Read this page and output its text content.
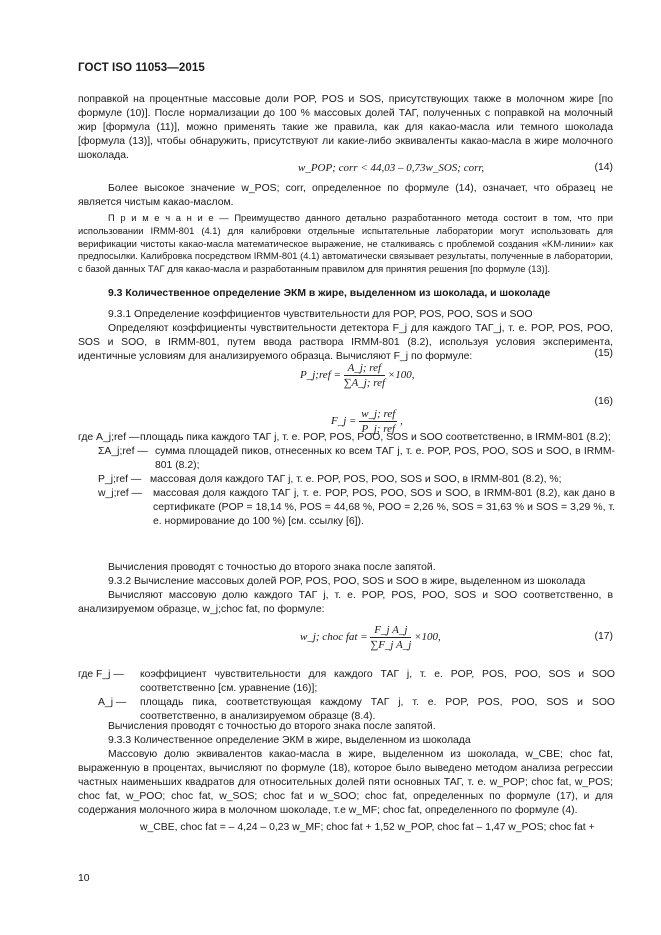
ГОСТ ISO 11053—2015

поправкой на процентные массовые доли POP, POS и SOS, присутствующих также в молочном жире [по формуле (10)]. После нормализации до 100 % массовых долей ТАГ, полученных с поправкой на молочный жир [формула (11)], можно применять такие же правила, как для какао-масла или темного шоколада [формула (13)], чтобы обнаружить, присутствуют ли какие-либо эквиваленты какао-масла в жире молочного шоколада.

w_POP; corr < 44,03 – 0,73w_SOS; corr,	(14)

Более высокое значение w_POS; corr, определенное по формуле (14), означает, что образец не является чистым какао-маслом.

П р и м е ч а н и е — Преимущество данного детально разработанного метода состоит в том, что при использовании IRMM-801 (4.1) для калибровки отдельные испытательные лаборатории могут использовать для верификации чистоты какао-масла математическое выражение, не сталкиваясь с проблемой создания «KM-линии» как предпосылки. Калибровка посредством IRMM-801 (4.1) автоматически связывает результаты, полученные в лаборатории, с базой данных ТАГ для какао-масла и разработанным правилом для принятия решения [по формуле (13)].

9.3 Количественное определение ЭКМ в жире, выделенном из шоколада, и шоколаде

9.3.1 Определение коэффициентов чувствительности для POP, POS, POO, SOS и SOO

Определяют коэффициенты чувствительности детектора F_j для каждого ТАГ_j, т. е. POP, POS, POO, SOS и SOO, в IRMM-801, путем ввода раствора IRMM-801 (8.2), используя условия эксперимента, идентичные условиям для анализируемого образца. Вычисляют F_j по формуле:

P_j;ref = $\frac{\text{A\_j; ref}}{\text{∑A\_j; ref}} \times 100$,
(15)
F_j = $\frac{\text{w\_j; ref}}{\text{P\_j; ref}}$ ,
(16)
где A_j;ref — площадь пика каждого ТАГ j, т. е. POP, POS, POO, SOS и SOO соответственно, в IRMM-801 (8.2);
ΣA_j;ref — сумма площадей пиков, отнесенных ко всем ТАГ j, т. е. POP, POS, POO, SOS и SOO, в IRMM-801 (8.2);
P_j;ref — массовая доля каждого ТАГ j, т. е. POP, POS, POO, SOS и SOO, в IRMM-801 (8.2), %;
w_j;ref —	массовая доля каждого ТАГ j, т. е. POP, POS, POO, SOS и SOO, в IRMM-801 (8.2), как дано в сертификате (POP = 18,14 %, POS = 44,68 %, POO = 2,26 %, SOS = 31,63 % и SOS = 3,29 %, т. е. нормирование до 100 %) [см. ссылку [6]).

Вычисления проводят с точностью до второго знака после запятой.

9.3.2 Вычисление массовых долей POP, POS, POO, SOS и SOO в жире, выделенном из шоколада

Вычисляют массовую долю каждого ТАГ j, т. е. POP, POS, POO, SOS и SOO соответственно, в анализируемом образце, w_j;choc fat, по формуле:

w_j; choc fat = $\frac{\text{F\_j A\_j}}{\text{∑F\_j A\_j}} \times 100$,	(17)
где F_j —	коэффициент чувствительности для каждого ТАГ j, т. е. POP, POS, POO, SOS и SOO соответственно [см. уравнение (16)];
A_j —	площадь пика, соответствующая каждому ТАГ j, т. е. POP, POS, POO, SOS и SOO соответственно, в анализируемом образце (8.4).

Вычисления проводят с точностью до второго знака после запятой.

9.3.3 Количественное определение ЭКМ в жире, выделенном из шоколада

Массовую долю эквивалентов какао-масла в жире, выделенном из шоколада, w_CBE; choc fat, выраженную в процентах, вычисляют по формуле (18), которое было выведено методом анализа регрессии частных наименьших квадратов для относительных долей пяти основных ТАГ, т. е. w_POP; choc fat, w_POS; choc fat, w_POO; choc fat, w_SOS; choc fat и w_SOO; choc fat, определенных по формуле (17), и для содержания молочного жира в молочном шоколаде, т.е w_MF; choc fat, определенного по формуле (4).

w_CBE, choc fat = – 4,24 – 0,23 w_MF; choc fat + 1,52 w_POP, choc fat – 1,47 w_POS; choc fat +
10
